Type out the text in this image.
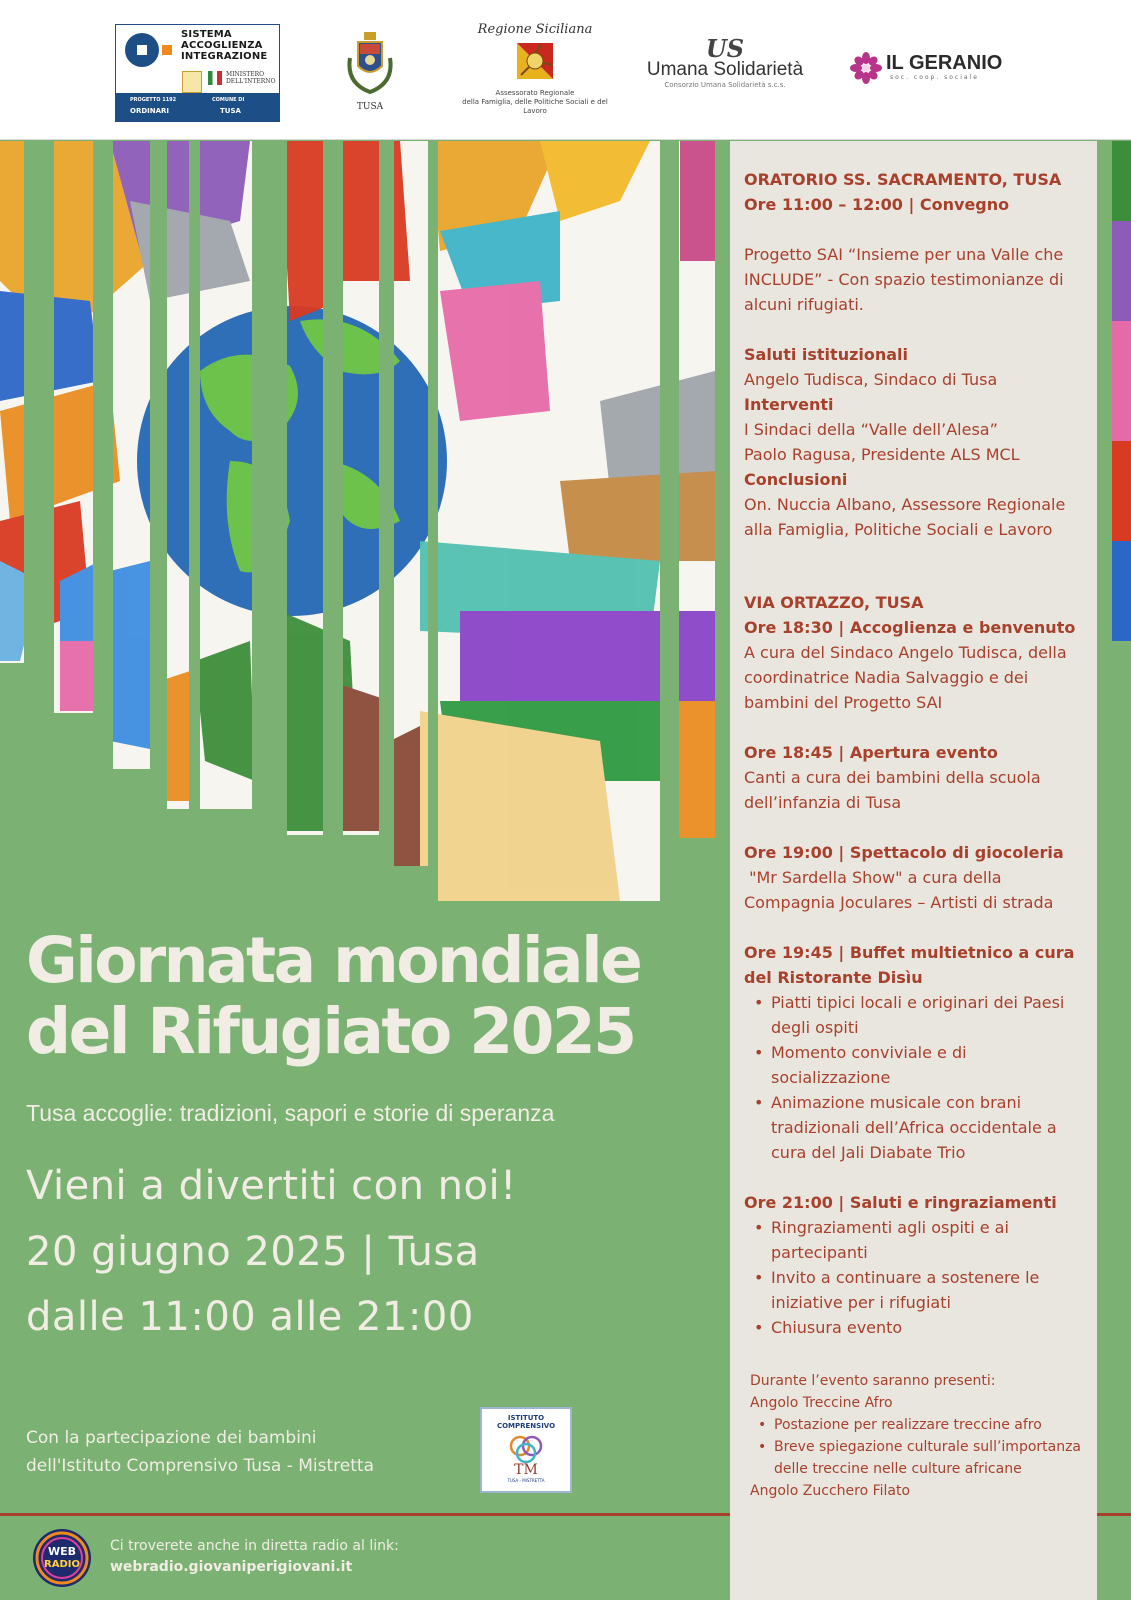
SISTEMA
ACCOGLIENZA
INTEGRAZIONE
MINISTERO
DELL'INTERNO
PROGETTO 1192
ORDINARI
COMUNE DI
TUSA	TUSA
Regione Siciliana
Assessorato Regionale
della Famiglia, delle Politiche Sociali e del Lavoro
US
Umana Solidarietà
Consorzio Umana Solidarietà s.c.s.
IL GERANIO
soc. coop. sociale
Giornata mondiale
del Rifugiato 2025
Tusa accoglie: tradizioni, sapori e storie di speranza
Vieni a divertiti con noi!
20 giugno 2025 | Tusa
dalle 11:00 alle 21:00
Con la partecipazione dei bambini
dell'Istituto Comprensivo Tusa - Mistretta
ISTITUTO COMPRENSIVO
TM
TUSA - MISTRETTA
WEB
RADIO
Ci troverete anche in diretta radio al link:
webradio.giovaniperigiovani.it
ORATORIO SS. SACRAMENTO, TUSA
Ore 11:00 – 12:00 | Convegno
Progetto SAI “Insieme per una Valle che INCLUDE” - Con spazio testimonianze di alcuni rifugiati.
Saluti istituzionali
Angelo Tudisca, Sindaco di Tusa
Interventi
I Sindaci della “Valle dell’Alesa”
Paolo Ragusa, Presidente ALS MCL
Conclusioni
On. Nuccia Albano, Assessore Regionale alla Famiglia, Politiche Sociali e Lavoro
VIA ORTAZZO, TUSA
Ore 18:30 | Accoglienza e benvenuto
A cura del Sindaco Angelo Tudisca, della coordinatrice Nadia Salvaggio e dei bambini del Progetto SAI
Ore 18:45 | Apertura evento
Canti a cura dei bambini della scuola dell’infanzia di Tusa
Ore 19:00 | Spettacolo di giocoleria
"Mr Sardella Show" a cura della Compagnia Joculares – Artisti di strada
Ore 19:45 | Buffet multietnico a cura del Ristorante Disìu
• Piatti tipici locali e originari dei Paesi degli ospiti
• Momento conviviale e di socializzazione
• Animazione musicale con brani tradizionali dell’Africa occidentale a cura del Jali Diabate Trio
Ore 21:00 | Saluti e ringraziamenti
• Ringraziamenti agli ospiti e ai partecipanti
• Invito a continuare a sostenere le iniziative per i rifugiati
• Chiusura evento
Durante l’evento saranno presenti:
Angolo Treccine Afro
• Postazione per realizzare treccine afro
• Breve spiegazione culturale sull’importanza delle treccine nelle culture africane
Angolo Zucchero Filato
